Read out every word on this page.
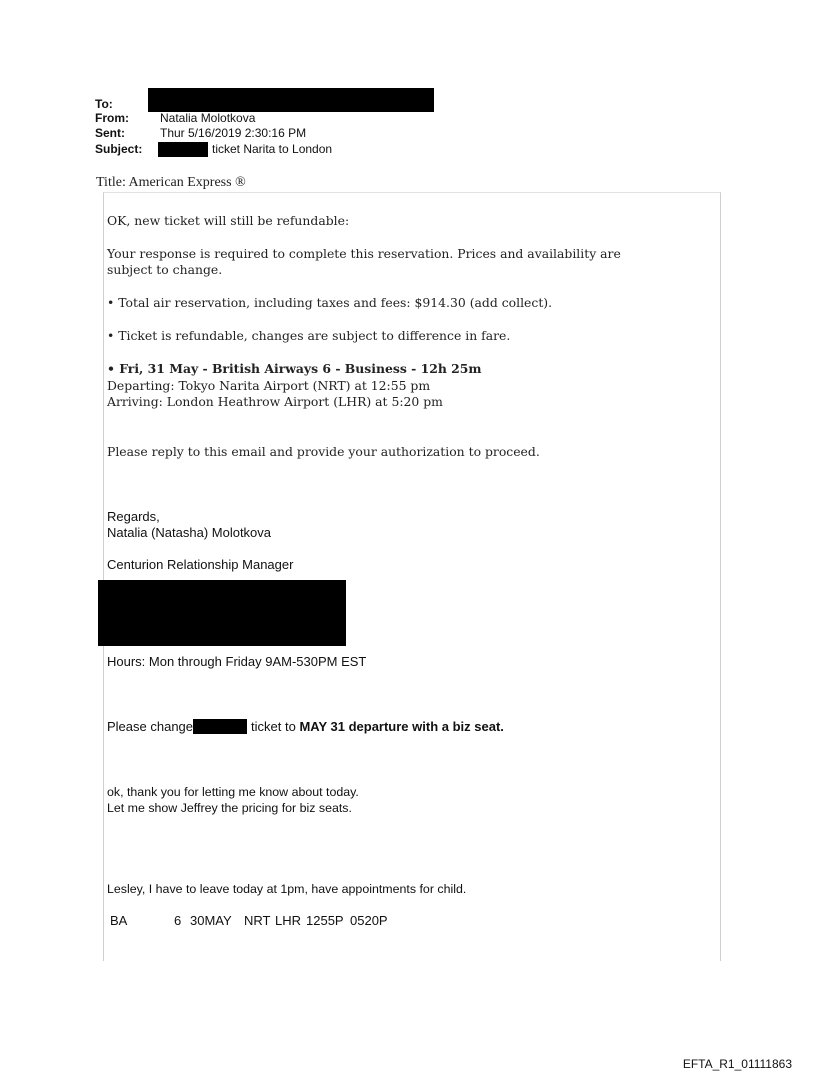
To:
From:	Natalia Molotkova
Sent:	Thur 5/16/2019 2:30:16 PM
Subject:	ticket Narita to London
Title: American Express ®
OK, new ticket will still be refundable:
Your response is required to complete this reservation. Prices and availability are
subject to change.
• Total air reservation, including taxes and fees: $914.30 (add collect).
• Ticket is refundable, changes are subject to difference in fare.
• Fri, 31 May - British Airways 6 - Business - 12h 25m
Departing: Tokyo Narita Airport (NRT) at 12:55 pm
Arriving: London Heathrow Airport (LHR) at 5:20 pm
Please reply to this email and provide your authorization to proceed.
Regards,
Natalia (Natasha) Molotkova
Centurion Relationship Manager
Hours: Mon through Friday 9AM-530PM EST
Please change	ticket to MAY 31 departure with a biz seat.
ok, thank you for letting me know about today.
Let me show Jeffrey the pricing for biz seats.
Lesley, I have to leave today at 1pm, have appointments for child.
BA	6 30MAY NRT LHR 1255P 0520P
EFTA_R1_01111863
